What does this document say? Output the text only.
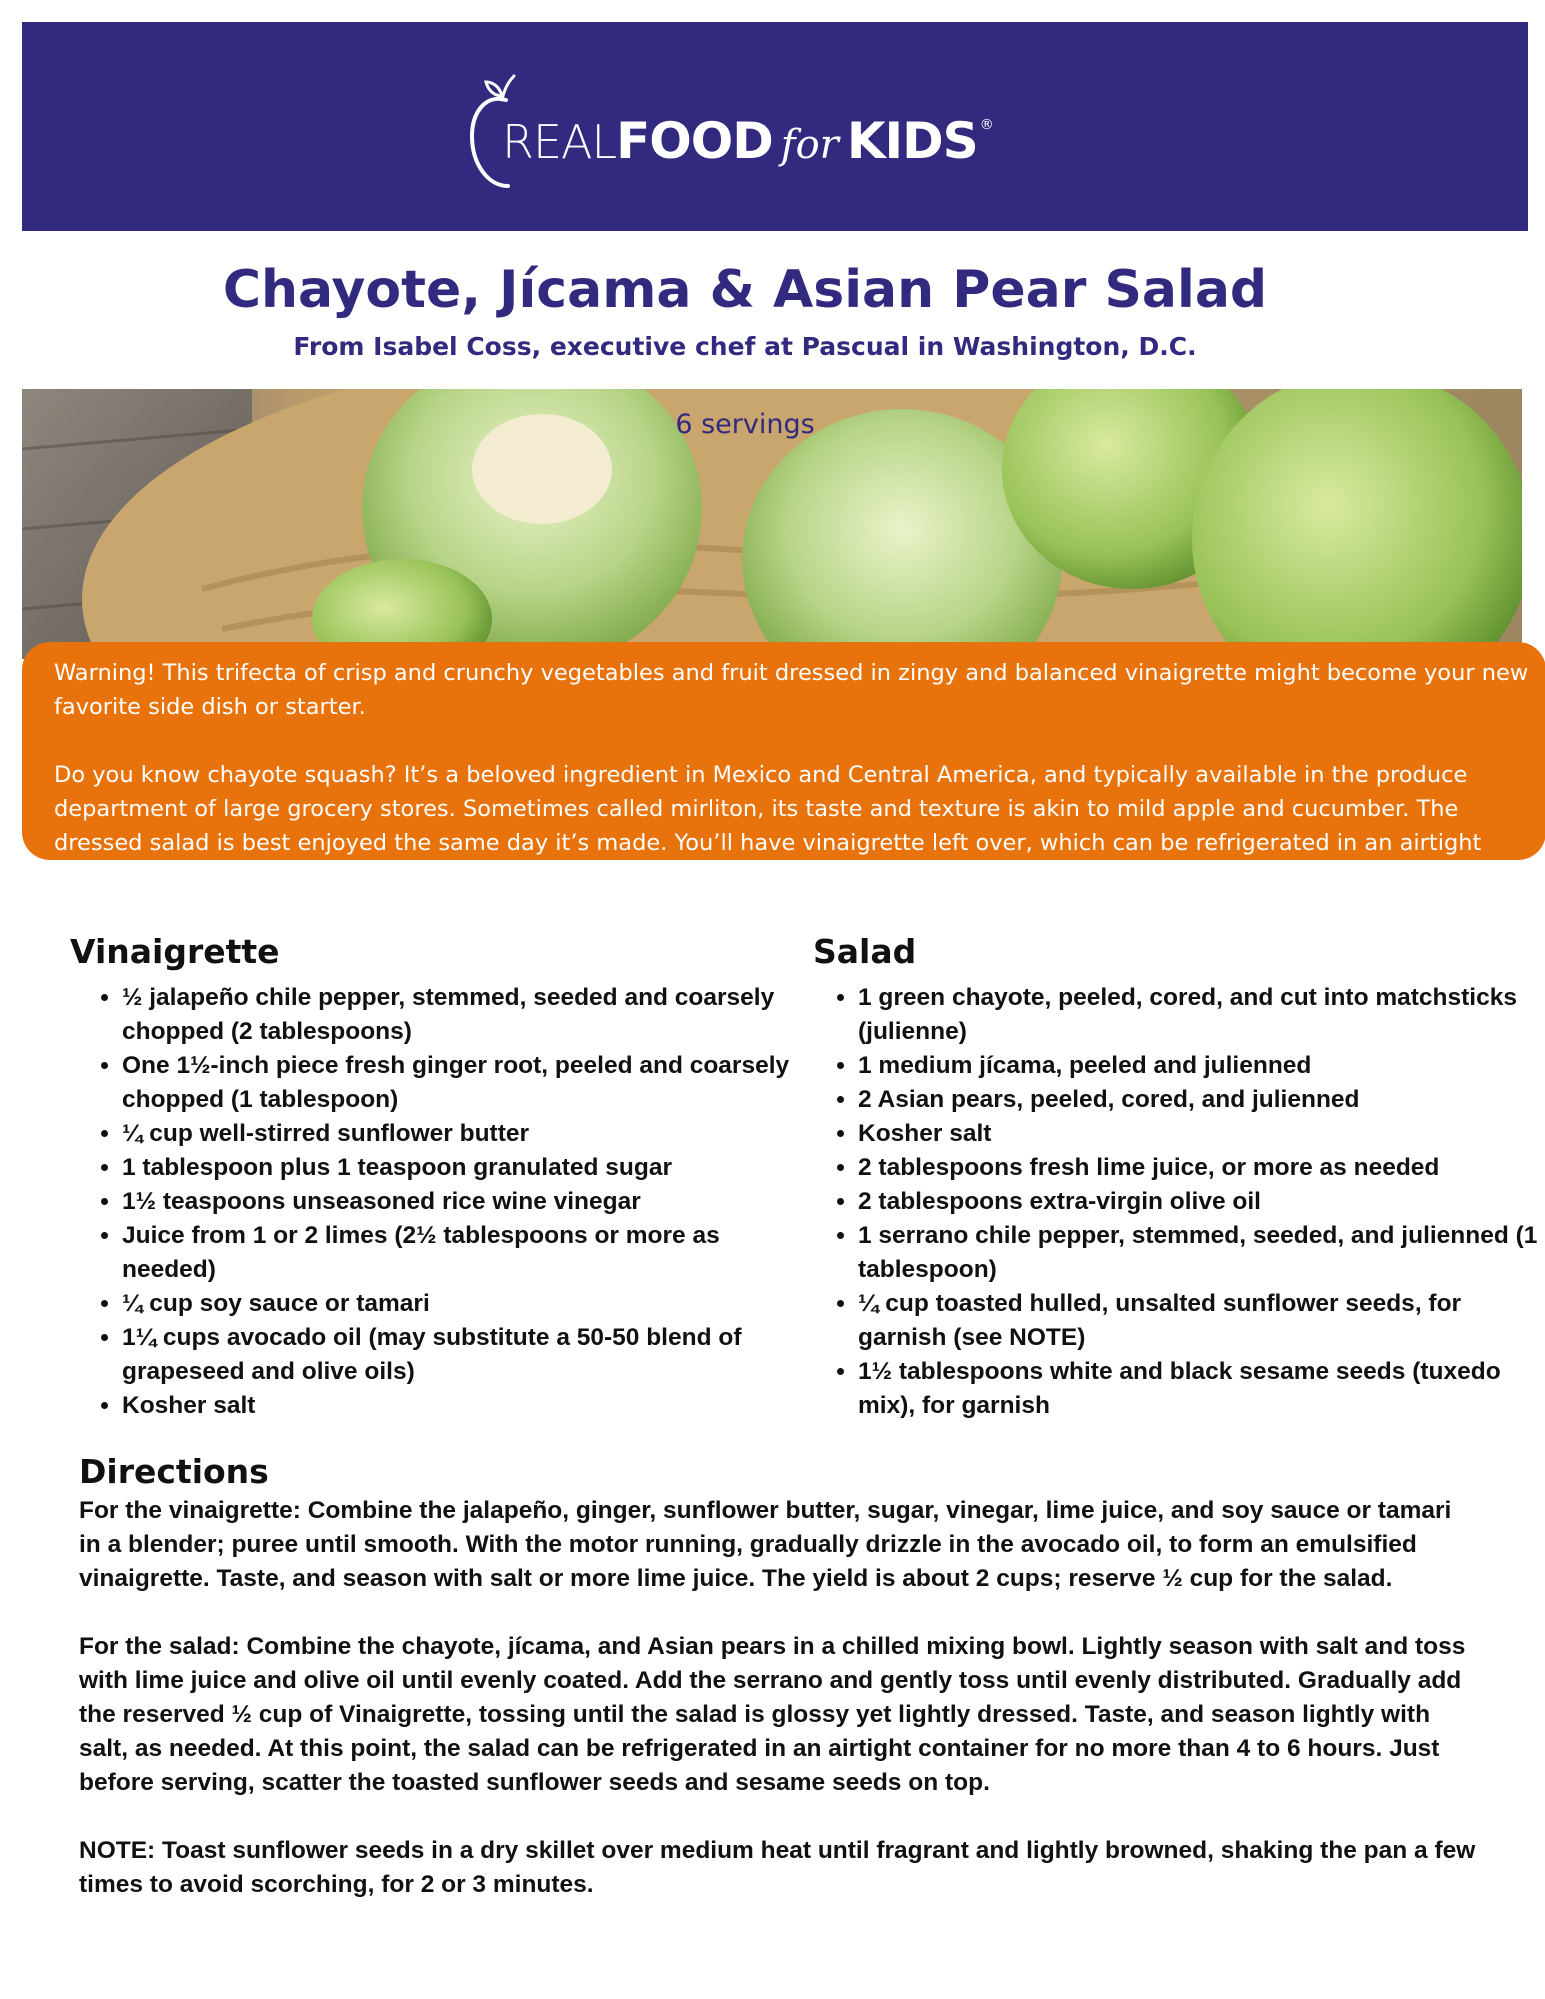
REALFOOD for KIDS ®
Chayote, Jícama & Asian Pear Salad
From Isabel Coss, executive chef at Pascual in Washington, D.C.
6 servings

Warning! This trifecta of crisp and crunchy vegetables and fruit dressed in zingy and balanced vinaigrette might become your new favorite side dish or starter.

Do you know chayote squash? It’s a beloved ingredient in Mexico and Central America, and typically available in the produce department of large grocery stores. Sometimes called mirliton, its taste and texture is akin to mild apple and cucumber. The dressed salad is best enjoyed the same day it’s made. You’ll have vinaigrette left over, which can be refrigerated in an airtight container for up to 2 weeks.

Vinaigrette
• ½ jalapeño chile pepper, stemmed, seeded and coarsely chopped (2 tablespoons)
• One 1½-inch piece fresh ginger root, peeled and coarsely chopped (1 tablespoon)
• ¼ cup well-stirred sunflower butter
• 1 tablespoon plus 1 teaspoon granulated sugar
• 1½ teaspoons unseasoned rice wine vinegar
• Juice from 1 or 2 limes (2½ tablespoons or more as needed)
• ¼ cup soy sauce or tamari
• 1¼ cups avocado oil (may substitute a 50-50 blend of grapeseed and olive oils)
• Kosher salt
Salad
• 1 green chayote, peeled, cored, and cut into matchsticks (julienne)
• 1 medium jícama, peeled and julienned
• 2 Asian pears, peeled, cored, and julienned
• Kosher salt
• 2 tablespoons fresh lime juice, or more as needed
• 2 tablespoons extra-virgin olive oil
• 1 serrano chile pepper, stemmed, seeded, and julienned (1 tablespoon)
• ¼ cup toasted hulled, unsalted sunflower seeds, for garnish (see NOTE)
• 1½ tablespoons white and black sesame seeds (tuxedo mix), for garnish
Directions

For the vinaigrette: Combine the jalapeño, ginger, sunflower butter, sugar, vinegar, lime juice, and soy sauce or tamari in a blender; puree until smooth. With the motor running, gradually drizzle in the avocado oil, to form an emulsified vinaigrette. Taste, and season with salt or more lime juice. The yield is about 2 cups; reserve ½ cup for the salad.

For the salad: Combine the chayote, jícama, and Asian pears in a chilled mixing bowl. Lightly season with salt and toss with lime juice and olive oil until evenly coated. Add the serrano and gently toss until evenly distributed. Gradually add the reserved ½ cup of Vinaigrette, tossing until the salad is glossy yet lightly dressed. Taste, and season lightly with salt, as needed. At this point, the salad can be refrigerated in an airtight container for no more than 4 to 6 hours. Just before serving, scatter the toasted sunflower seeds and sesame seeds on top.

NOTE: Toast sunflower seeds in a dry skillet over medium heat until fragrant and lightly browned, shaking the pan a few times to avoid scorching, for 2 or 3 minutes.
